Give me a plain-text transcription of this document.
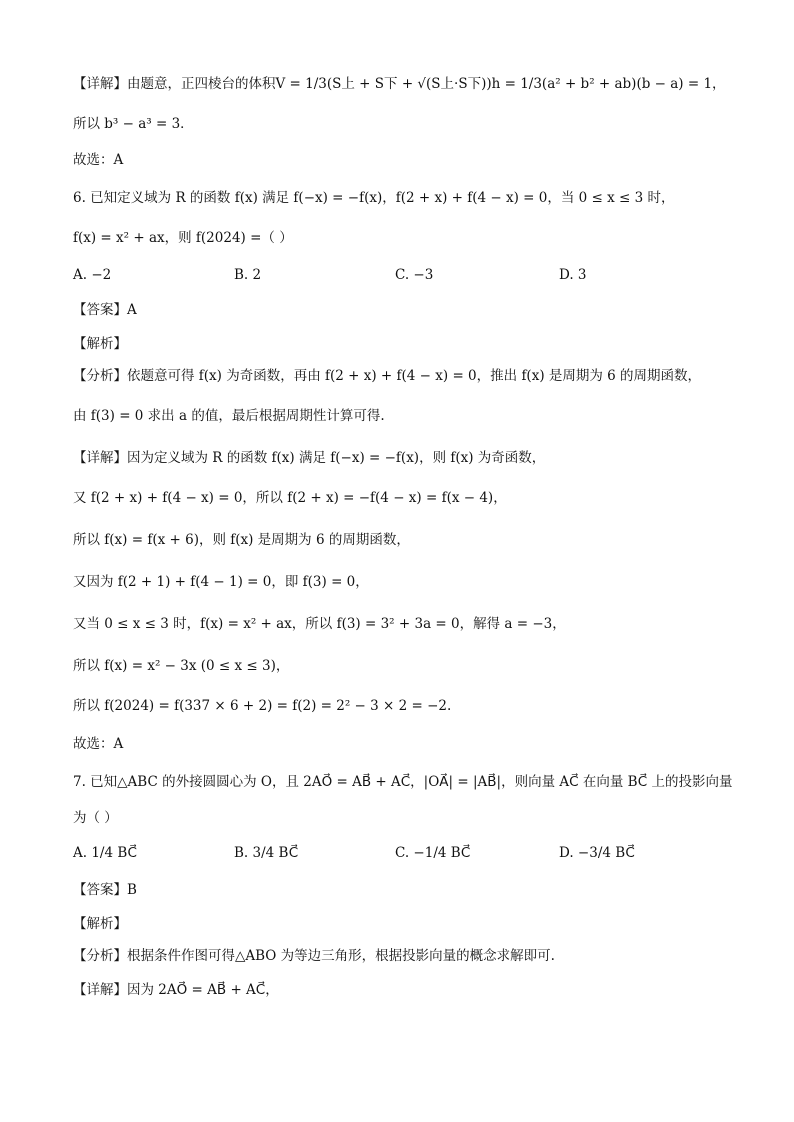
【详解】由题意，正四棱台的体积V = 1/3(S上 + S下 + √(S上·S下))h = 1/3(a² + b² + ab)(b − a) = 1，
所以 b³ − a³ = 3．
故选：A
6. 已知定义域为 R 的函数 f(x) 满足 f(−x) = −f(x)，f(2 + x) + f(4 − x) = 0，当 0 ≤ x ≤ 3 时，
f(x) = x² + ax，则 f(2024) =（ ）
A. −2	B. 2	C. −3	D. 3
【答案】A
【解析】
【分析】依题意可得 f(x) 为奇函数，再由 f(2 + x) + f(4 − x) = 0，推出 f(x) 是周期为 6 的周期函数，
由 f(3) = 0 求出 a 的值，最后根据周期性计算可得.
【详解】因为定义域为 R 的函数 f(x) 满足 f(−x) = −f(x)，则 f(x) 为奇函数，
又 f(2 + x) + f(4 − x) = 0，所以 f(2 + x) = −f(4 − x) = f(x − 4)，
所以 f(x) = f(x + 6)，则 f(x) 是周期为 6 的周期函数，
又因为 f(2 + 1) + f(4 − 1) = 0，即 f(3) = 0，
又当 0 ≤ x ≤ 3 时，f(x) = x² + ax，所以 f(3) = 3² + 3a = 0，解得 a = −3，
所以 f(x) = x² − 3x (0 ≤ x ≤ 3)，
所以 f(2024) = f(337 × 6 + 2) = f(2) = 2² − 3 × 2 = −2.
故选：A
7. 已知△ABC 的外接圆圆心为 O，且 2AO⃗ = AB⃗ + AC⃗，|OA⃗| = |AB⃗|，则向量 AC⃗ 在向量 BC⃗ 上的投影向量
为（ ）
A. 1/4 BC⃗	B. 3/4 BC⃗	C. −1/4 BC⃗	D. −3/4 BC⃗
【答案】B
【解析】
【分析】根据条件作图可得△ABO 为等边三角形，根据投影向量的概念求解即可.
【详解】因为 2AO⃗ = AB⃗ + AC⃗，
